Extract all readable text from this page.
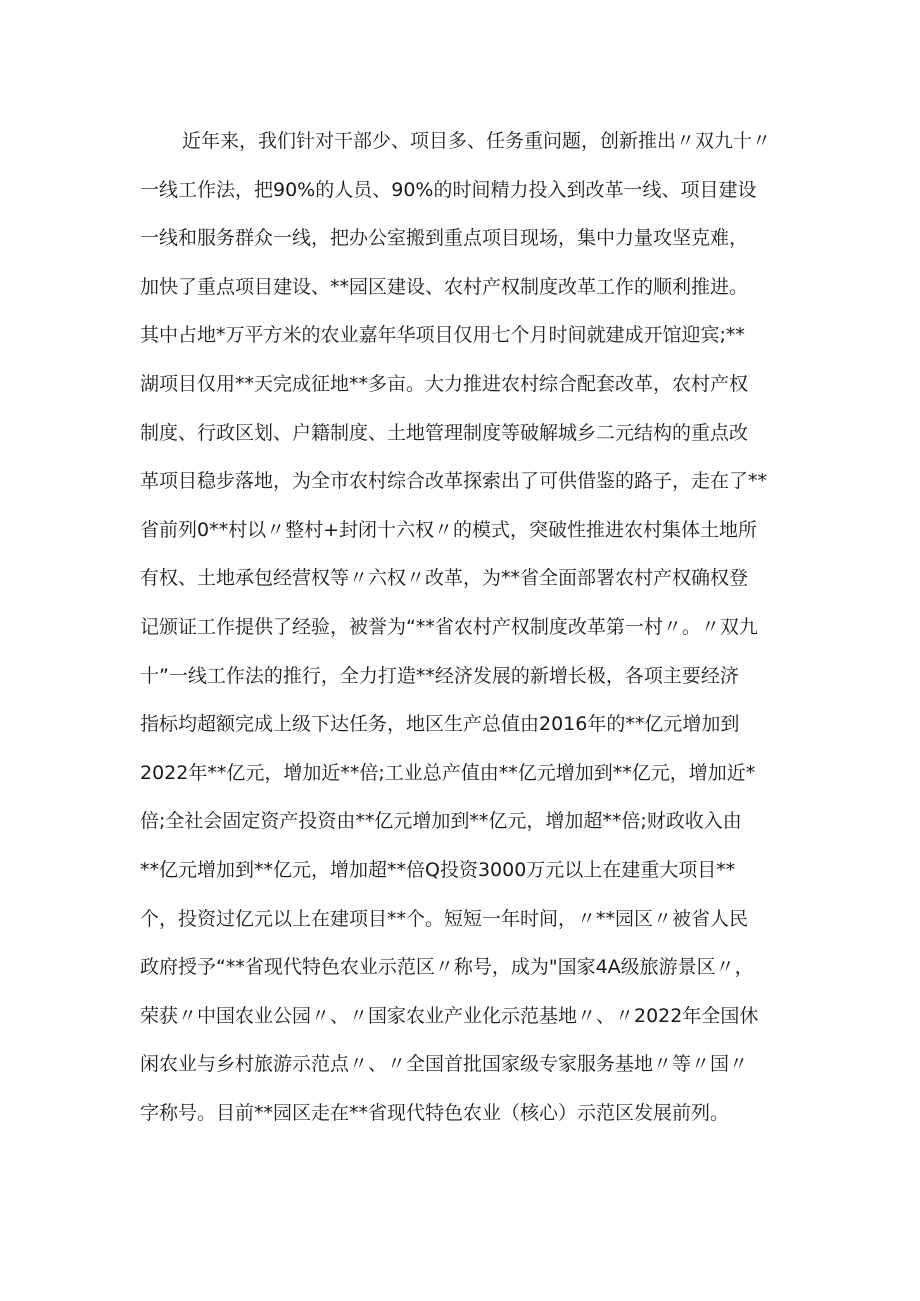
近年来，我们针对干部少、项目多、任务重问题，创新推出〃双九十〃
一线工作法，把90%的人员、90%的时间精力投入到改革一线、项目建设
一线和服务群众一线，把办公室搬到重点项目现场，集中力量攻坚克难，
加快了重点项目建设、**园区建设、农村产权制度改革工作的顺利推进。
其中占地*万平方米的农业嘉年华项目仅用七个月时间就建成开馆迎宾;**
湖项目仅用**天完成征地**多亩。大力推进农村综合配套改革，农村产权
制度、行政区划、户籍制度、土地管理制度等破解城乡二元结构的重点改
革项目稳步落地，为全市农村综合改革探索出了可供借鉴的路子，走在了**
省前列0**村以〃整村+封闭十六权〃的模式，突破性推进农村集体土地所
有权、土地承包经营权等〃六权〃改革，为**省全面部署农村产权确权登
记颁证工作提供了经验，被誉为“**省农村产权制度改革第一村〃。〃双九
十”一线工作法的推行，全力打造**经济发展的新增长极，各项主要经济
指标均超额完成上级下达任务，地区生产总值由2016年的**亿元增加到
2022年**亿元，增加近**倍;工业总产值由**亿元增加到**亿元，增加近*
倍;全社会固定资产投资由**亿元增加到**亿元，增加超**倍;财政收入由
**亿元增加到**亿元，增加超**倍Q投资3000万元以上在建重大项目**
个，投资过亿元以上在建项目**个。短短一年时间，〃**园区〃被省人民
政府授予“**省现代特色农业示范区〃称号，成为"国家4A级旅游景区〃，
荣获〃中国农业公园〃、〃国家农业产业化示范基地〃、〃2022年全国休
闲农业与乡村旅游示范点〃、〃全国首批国家级专家服务基地〃等〃国〃
字称号。目前**园区走在**省现代特色农业（核心）示范区发展前列。
